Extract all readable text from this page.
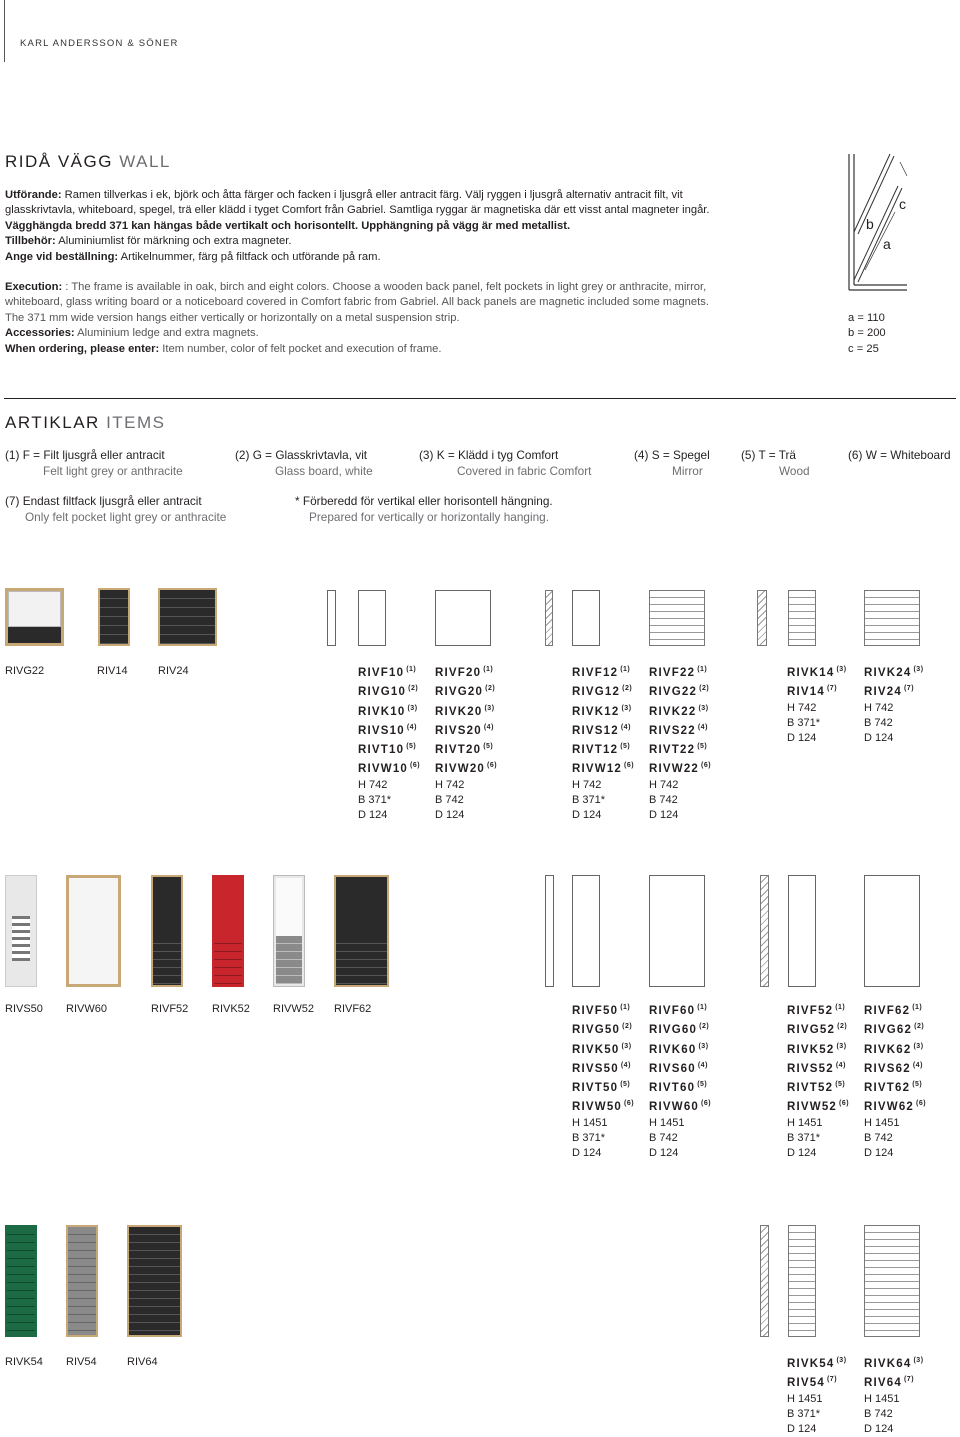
KARL ANDERSSON & SÖNER
RIDÅ VÄGG WALL
Utförande: Ramen tillverkas i ek, björk och åtta färger och facken i ljusgrå eller antracit färg. Välj ryggen i ljusgrå alternativ antracit filt, vit
glasskrivtavla, whiteboard, spegel, trä eller klädd i tyget Comfort från Gabriel. Samtliga ryggar är magnetiska där ett visst antal magneter ingår.
Vägghängda bredd 371 kan hängas både vertikalt och horisontellt. Upphängning på vägg är med metallist.
Tillbehör: Aluminiumlist för märkning och extra magneter.
Ange vid beställning: Artikelnummer, färg på filtfack och utförande på ram.
Execution: : The frame is available in oak, birch and eight colors. Choose a wooden back panel, felt pockets in light grey or anthracite, mirror,
whiteboard, glass writing board or a noticeboard covered in Comfort fabric from Gabriel. All back panels are magnetic included some magnets.
The 371 mm wide version hangs either vertically or horizontally on a metal suspension strip.
Accessories: Aluminium ledge and extra magnets.
When ordering, please enter: Item number, color of felt pocket and execution of frame.
b
c
a
a = 110
b = 200
c = 25
ARTIKLAR ITEMS
(1) F = Filt ljusgrå eller antracit
Felt light grey or anthracite
(2) G = Glasskrivtavla, vit
Glass board, white
(3) K = Klädd i tyg Comfort
Covered in fabric Comfort
(4) S = Spegel
Mirror
(5) T = Trä
Wood
(6) W = Whiteboard
(7) Endast filtfack ljusgrå eller antracit
Only felt pocket light grey or anthracite
* Förberedd för vertikal eller horisontell hängning.
Prepared for vertically or horizontally hanging.
RIVG22	RIV14	RIV24	RIVF10 $^{(1)}$
RIVG10 $^{(2)}$
RIVK10 $^{(3)}$
RIVS10 $^{(4)}$
RIVT10 $^{(5)}$
RIVW10 $^{(6)}$
H 742
B 371*
D 124
RIVF20 $^{(1)}$
RIVG20 $^{(2)}$
RIVK20 $^{(3)}$
RIVS20 $^{(4)}$
RIVT20 $^{(5)}$
RIVW20 $^{(6)}$
H 742
B 742
D 124
RIVF12 $^{(1)}$
RIVG12 $^{(2)}$
RIVK12 $^{(3)}$
RIVS12 $^{(4)}$
RIVT12 $^{(5)}$
RIVW12 $^{(6)}$
H 742
B 371*
D 124
RIVF22 $^{(1)}$
RIVG22 $^{(2)}$
RIVK22 $^{(3)}$
RIVS22 $^{(4)}$
RIVT22 $^{(5)}$
RIVW22 $^{(6)}$
H 742
B 742
D 124
RIVK14 $^{(3)}$
RIV14 $^{(7)}$
H 742
B 371*
D 124
RIVK24 $^{(3)}$
RIV24 $^{(7)}$
H 742
B 742
D 124
RIVS50 RIVW60	RIVF52 RIVK52 RIVW52 RIVF62	RIVF50 $^{(1)}$
RIVG50 $^{(2)}$
RIVK50 $^{(3)}$
RIVS50 $^{(4)}$
RIVT50 $^{(5)}$
RIVW50 $^{(6)}$
H 1451
B 371*
D 124
RIVF60 $^{(1)}$
RIVG60 $^{(2)}$
RIVK60 $^{(3)}$
RIVS60 $^{(4)}$
RIVT60 $^{(5)}$
RIVW60 $^{(6)}$
H 1451
B 742
D 124
RIVF52 $^{(1)}$
RIVG52 $^{(2)}$
RIVK52 $^{(3)}$
RIVS52 $^{(4)}$
RIVT52 $^{(5)}$
RIVW52 $^{(6)}$
H 1451
B 371*
D 124
RIVF62 $^{(1)}$
RIVG62 $^{(2)}$
RIVK62 $^{(3)}$
RIVS62 $^{(4)}$
RIVT62 $^{(5)}$
RIVW62 $^{(6)}$
H 1451
B 742
D 124
RIVK54 RIV54	RIV64	RIVK54 $^{(3)}$
RIV54 $^{(7)}$
H 1451
B 371*
D 124
RIVK64 $^{(3)}$
RIV64 $^{(7)}$
H 1451
B 742
D 124
